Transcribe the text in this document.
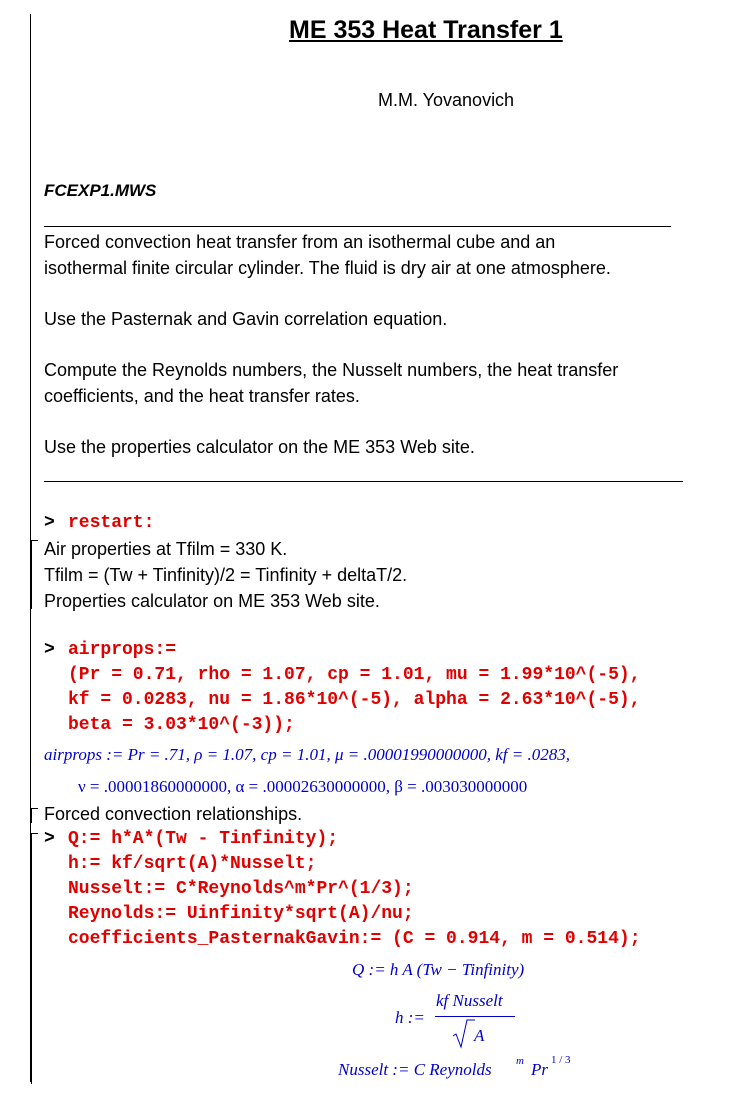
ME 353 Heat Transfer 1
M.M. Yovanovich
FCEXP1.MWS
Forced convection heat transfer from an isothermal cube and an
isothermal finite circular cylinder. The fluid is dry air at one atmosphere.
Use the Pasternak and Gavin correlation equation.
Compute the Reynolds numbers, the Nusselt numbers, the heat transfer
coefficients, and the heat transfer rates.
Use the properties calculator on the ME 353 Web site.
> restart:
Air properties at Tfilm = 330 K.
Tfilm = (Tw + Tinfinity)/2 = Tinfinity + deltaT/2.
Properties calculator on ME 353 Web site.
> airprops:=
(Pr = 0.71, rho = 1.07, cp = 1.01, mu = 1.99*10^(-5),
kf = 0.0283, nu = 1.86*10^(-5), alpha = 2.63*10^(-5),
beta = 3.03*10^(-3));
airprops := Pr = .71, ρ = 1.07, cp = 1.01, μ = .00001990000000, kf = .0283,
ν = .00001860000000, α = .00002630000000, β = .003030000000
Forced convection relationships.
> Q:= h*A*(Tw - Tinfinity);
h:= kf/sqrt(A)*Nusselt;
Nusselt:= C*Reynolds^m*Pr^(1/3);
Reynolds:= Uinfinity*sqrt(A)/nu;
coefficients_PasternakGavin:= (C = 0.914, m = 0.514);
Q := h A (Tw − Tinfinity)
h :=
kf Nusselt
A
Nusselt := C Reynolds m Pr 1 / 3
